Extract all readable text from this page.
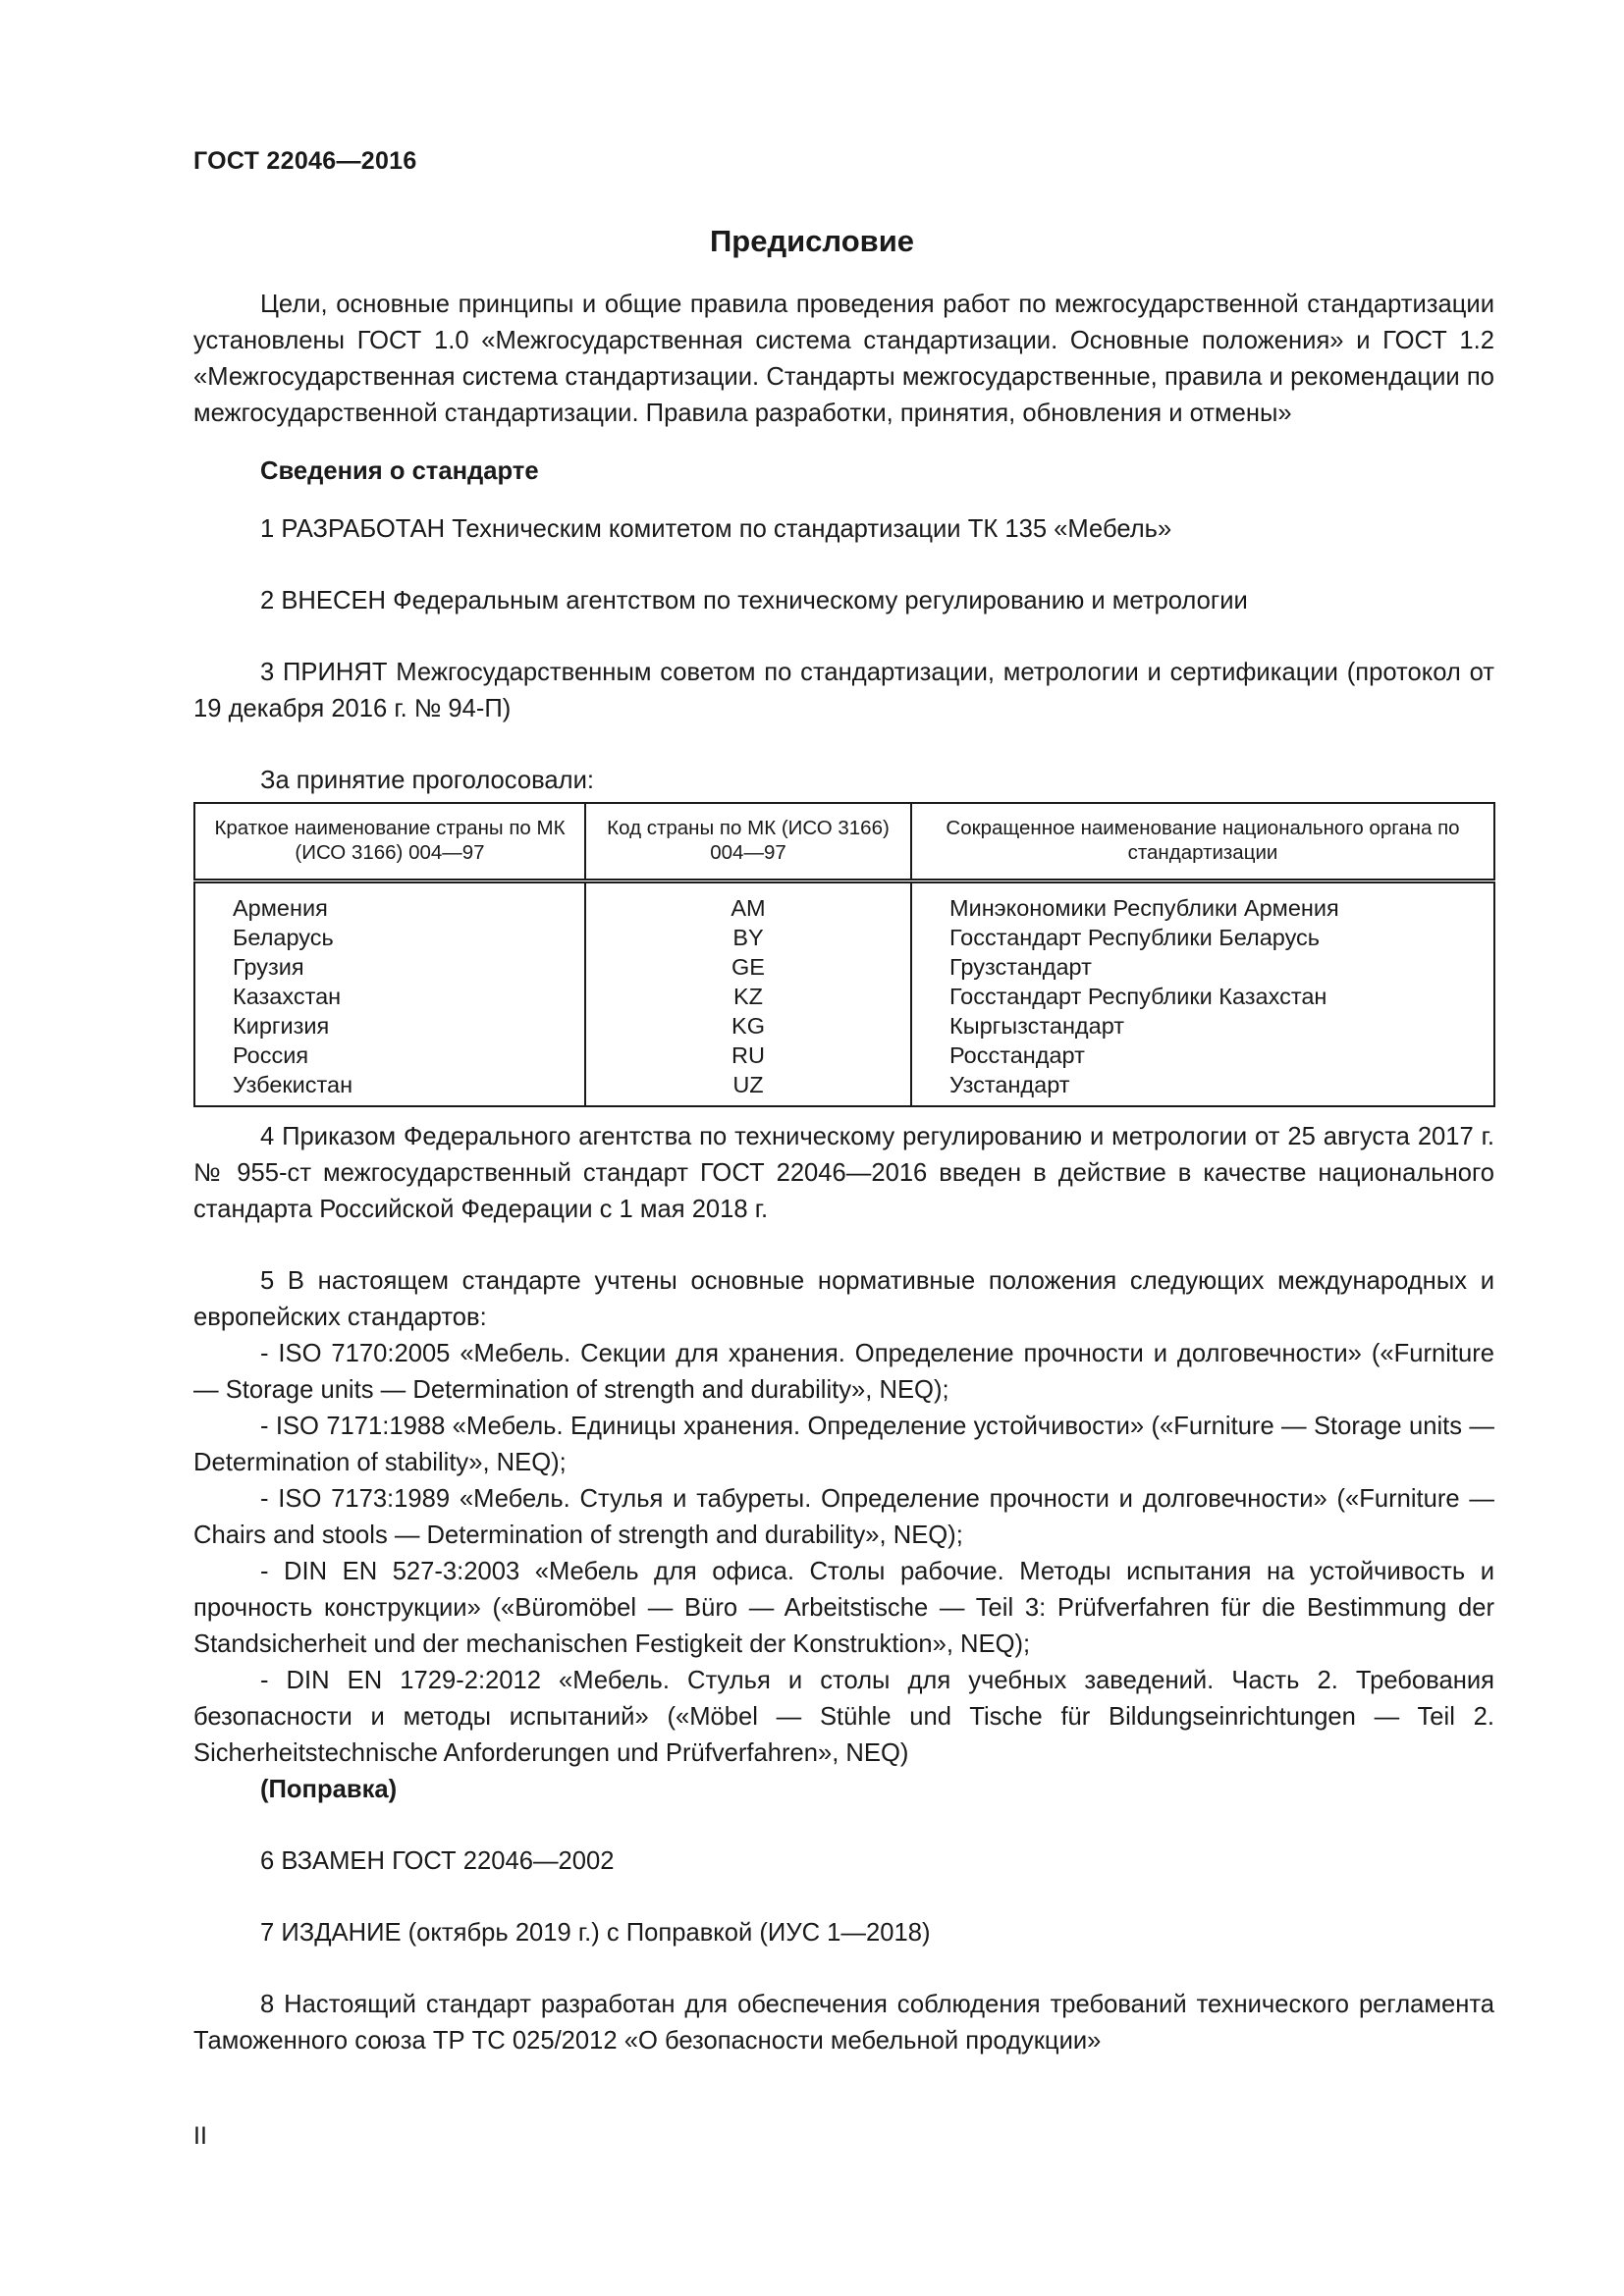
ГОСТ 22046—2016
Предисловие

Цели, основные принципы и общие правила проведения работ по межгосударственной стандартизации установлены ГОСТ 1.0 «Межгосударственная система стандартизации. Основные положения» и ГОСТ 1.2 «Межгосударственная система стандартизации. Стандарты межгосударственные, правила и рекомендации по межгосударственной стандартизации. Правила разработки, принятия, обновления и отмены»

Сведения о стандарте

1 РАЗРАБОТАН Техническим комитетом по стандартизации ТК 135 «Мебель»

2 ВНЕСЕН Федеральным агентством по техническому регулированию и метрологии

3 ПРИНЯТ Межгосударственным советом по стандартизации, метрологии и сертификации (протокол от 19 декабря 2016 г. № 94-П)

За принятие проголосовали:

Краткое наименование страны по МК (ИСО 3166) 004—97	Код страны по МК (ИСО 3166) 004—97	Сокращенное наименование национального органа по стандартизации
Армения	AM	Минэкономики Республики Армения
Беларусь	BY	Госстандарт Республики Беларусь
Грузия	GE	Грузстандарт
Казахстан	KZ	Госстандарт Республики Казахстан
Киргизия	KG	Кыргызстандарт
Россия	RU	Росстандарт
Узбекистан	UZ	Узстандарт

4 Приказом Федерального агентства по техническому регулированию и метрологии от 25 августа 2017 г. № 955-ст межгосударственный стандарт ГОСТ 22046—2016 введен в действие в качестве национального стандарта Российской Федерации с 1 мая 2018 г.

5 В настоящем стандарте учтены основные нормативные положения следующих международных и европейских стандартов:

- ISO 7170:2005 «Мебель. Секции для хранения. Определение прочности и долговечности» («Furniture — Storage units — Determination of strength and durability», NEQ);

- ISO 7171:1988 «Мебель. Единицы хранения. Определение устойчивости» («Furniture — Storage units — Determination of stability», NEQ);

- ISO 7173:1989 «Мебель. Стулья и табуреты. Определение прочности и долговечности» («Furniture — Chairs and stools — Determination of strength and durability», NEQ);

- DIN EN 527-3:2003 «Мебель для офиса. Столы рабочие. Методы испытания на устойчивость и прочность конструкции» («Büromöbel — Büro — Arbeitstische — Teil 3: Prüfverfahren für die Bestimmung der Standsicherheit und der mechanischen Festigkeit der Konstruktion», NEQ);

- DIN EN 1729-2:2012 «Мебель. Стулья и столы для учебных заведений. Часть 2. Требования безопасности и методы испытаний» («Möbel — Stühle und Tische für Bildungseinrichtungen — Teil 2. Sicherheitstechnische Anforderungen und Prüfverfahren», NEQ)

(Поправка)

6 ВЗАМЕН ГОСТ 22046—2002

7 ИЗДАНИЕ (октябрь 2019 г.) с Поправкой (ИУС 1—2018)

8 Настоящий стандарт разработан для обеспечения соблюдения требований технического регламента Таможенного союза ТР ТС 025/2012 «О безопасности мебельной продукции»

II
